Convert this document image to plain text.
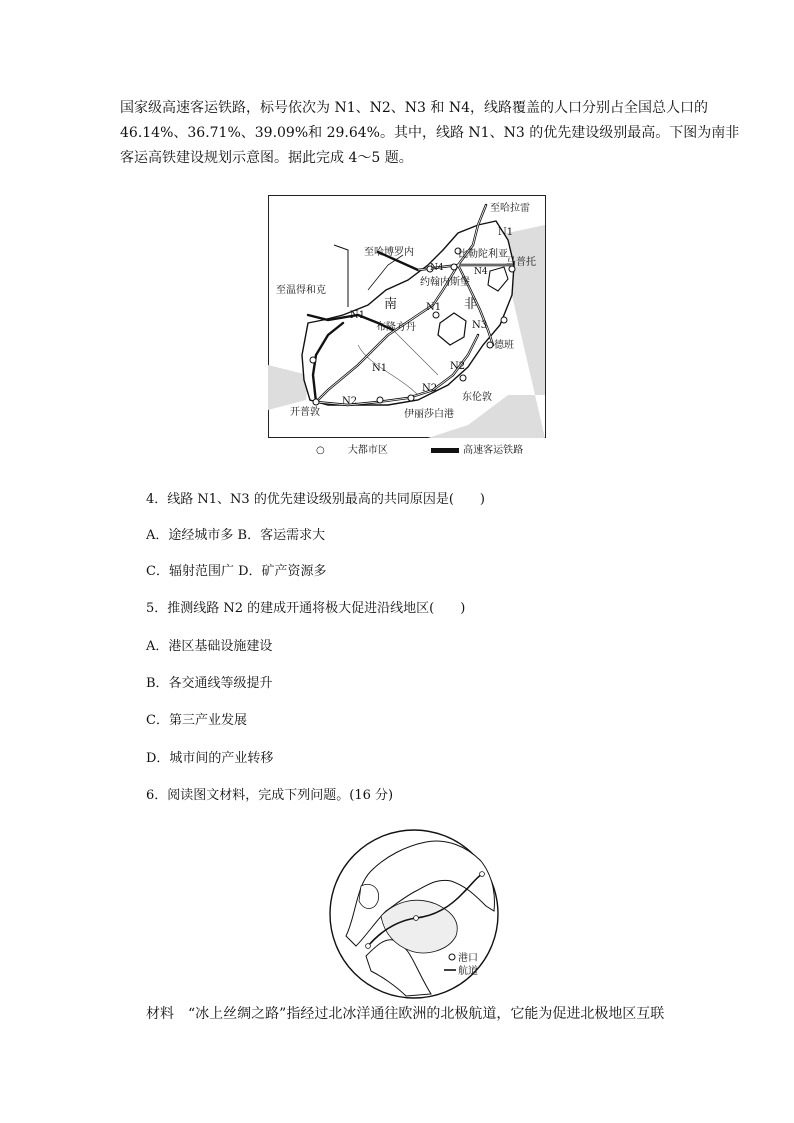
国家级高速客运铁路，标号依次为 N1、N2、N3 和 N4，线路覆盖的人口分别占全国总人口的
46.14%、36.71%、39.09%和 29.64%。其中，线路 N1、N3 的优先建设级别最高。下图为南非
客运高铁建设规划示意图。据此完成 4～5 题。
至哈拉雷
至哈博罗内	比勒陀利亚
马普托
至温得和克
约翰内斯堡
南	非
布隆方丹
德班
东伦敦
开普敦	伊丽莎白港
N1
N4	N4
N1
N1
N1
N3
N2
N2
N2
○ 大都市区	高速客运铁路
4．线路 N1、N3 的优先建设级别最高的共同原因是(　　)
A．途经城市多 B．客运需求大
C．辐射范围广 D．矿产资源多
5．推测线路 N2 的建成开通将极大促进沿线地区(　　)
A．港区基础设施建设
B．各交通线等级提升
C．第三产业发展
D．城市间的产业转移
6．阅读图文材料，完成下列问题。(16 分)
港口
航道
材料　“冰上丝绸之路”指经过北冰洋通往欧洲的北极航道，它能为促进北极地区互联
